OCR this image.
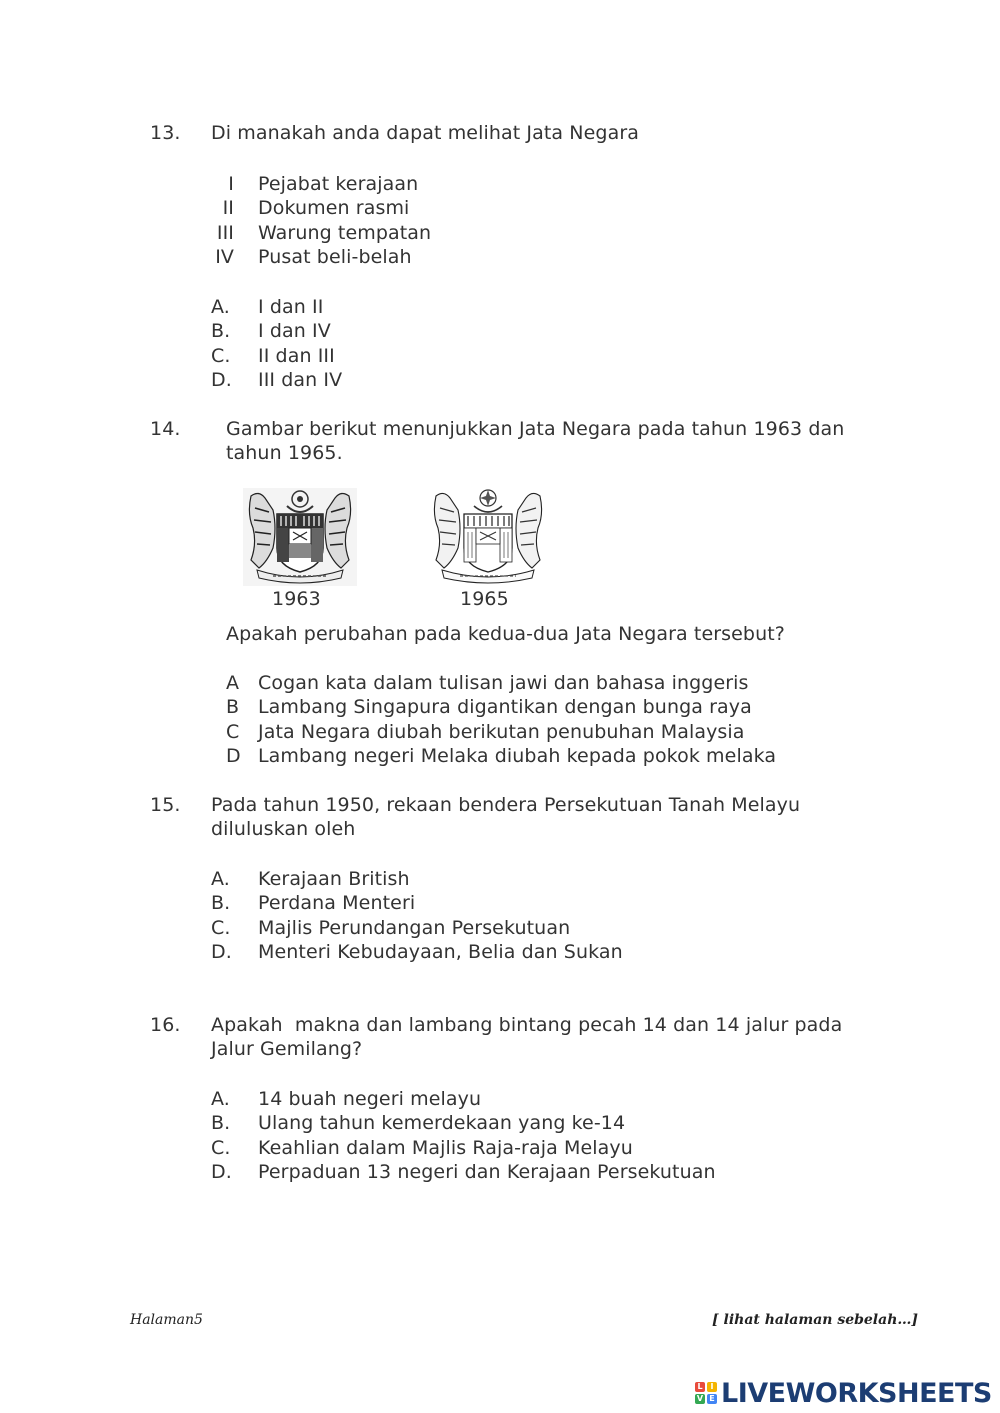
13. Di manakah anda dapat melihat Jata Negara
I Pejabat kerajaan
II Dokumen rasmi
III Warung tempatan
IV Pusat beli-belah
A. I dan II
B. I dan IV
C. II dan III
D. III dan IV
14. Gambar berikut menunjukkan Jata Negara pada tahun 1963 dan
tahun 1965.
1963	1965
Apakah perubahan pada kedua-dua Jata Negara tersebut?
A Cogan kata dalam tulisan jawi dan bahasa inggeris
B Lambang Singapura digantikan dengan bunga raya
C Jata Negara diubah berikutan penubuhan Malaysia
D Lambang negeri Melaka diubah kepada pokok melaka
15. Pada tahun 1950, rekaan bendera Persekutuan Tanah Melayu
diluluskan oleh
A. Kerajaan British
B. Perdana Menteri
C. Majlis Perundangan Persekutuan
D. Menteri Kebudayaan, Belia dan Sukan
16. Apakah  makna dan lambang bintang pecah 14 dan 14 jalur pada
Jalur Gemilang?
A. 14 buah negeri melayu
B. Ulang tahun kemerdekaan yang ke-14
C. Keahlian dalam Majlis Raja-raja Melayu
D. Perpaduan 13 negeri dan Kerajaan Persekutuan
Halaman5	[ lihat halaman sebelah…]
L I
V E LIVEWORKSHEETS
